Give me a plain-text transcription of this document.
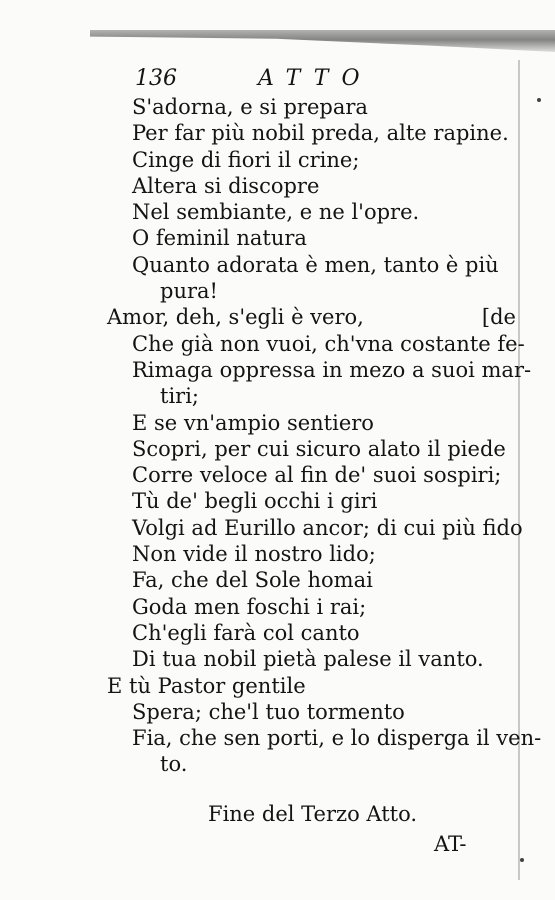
136	ATTO
S'adorna, e si prepara
Per far più nobil preda, alte rapine.
Cinge di fiori il crine;
Altera si discopre
Nel sembiante, e ne l'opre.
O feminil natura
Quanto adorata è men, tanto è più
pura!
Amor, deh, s'egli è vero,	[de
Che già non vuoi, ch'vna costante fe-
Rimaga oppressa in mezo a suoi mar-
tiri;
E se vn'ampio sentiero
Scopri, per cui sicuro alato il piede
Corre veloce al fin de' suoi sospiri;
Tù de' begli occhi i giri
Volgi ad Eurillo ancor; di cui più fido
Non vide il nostro lido;
Fa, che del Sole homai
Goda men foschi i rai;
Ch'egli farà col canto
Di tua nobil pietà palese il vanto.
E tù Pastor gentile
Spera; che'l tuo tormento
Fia, che sen porti, e lo disperga il ven-
to.
Fine del Terzo Atto.
AT-
